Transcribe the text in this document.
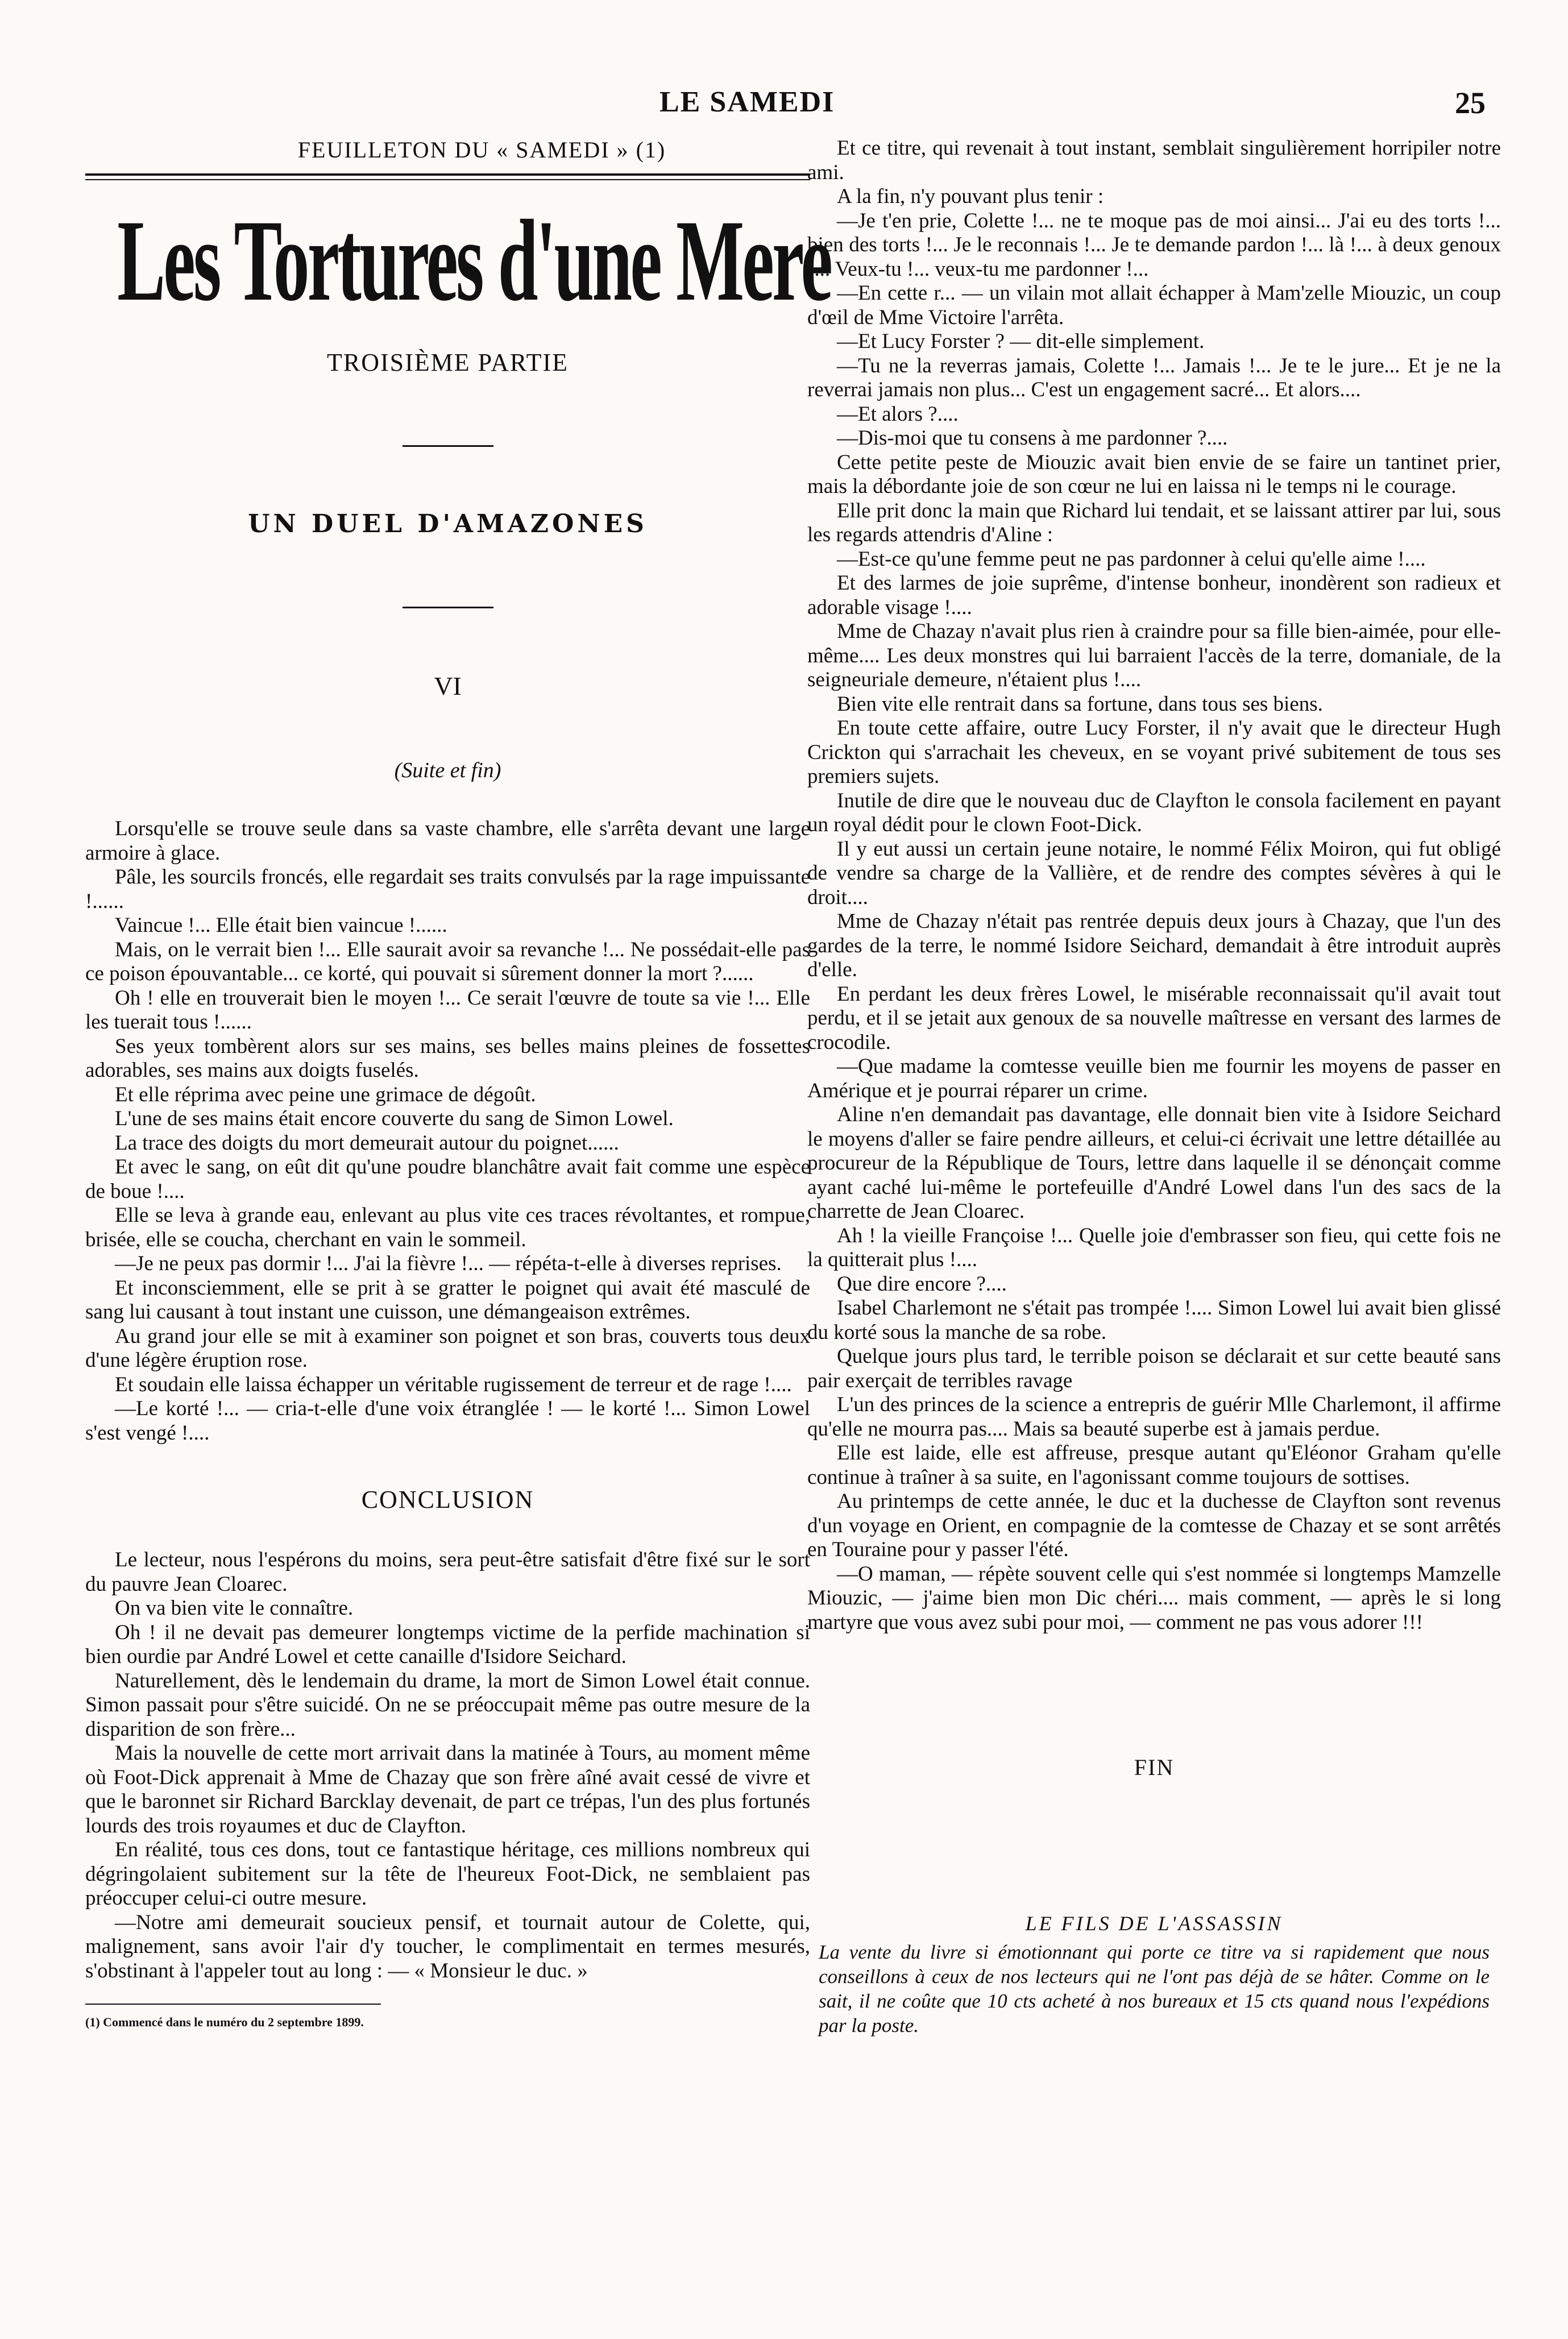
LE SAMEDI	25
FEUILLETON DU « SAMEDI » (1)
Les Tortures d'une Mere
TROISIÈME PARTIE
UN DUEL D'AMAZONES
VI
(Suite et fin)

Lorsqu'elle se trouve seule dans sa vaste chambre, elle s'arrêta devant une large armoire à glace.

Pâle, les sourcils froncés, elle regardait ses traits convulsés par la rage impuissante !......

Vaincue !... Elle était bien vaincue !......

Mais, on le verrait bien !... Elle saurait avoir sa revanche !... Ne possédait-elle pas ce poison épouvantable... ce korté, qui pouvait si sûrement donner la mort ?......

Oh ! elle en trouverait bien le moyen !... Ce serait l'œuvre de toute sa vie !... Elle les tuerait tous !......

Ses yeux tombèrent alors sur ses mains, ses belles mains pleines de fossettes adorables, ses mains aux doigts fuselés.

Et elle réprima avec peine une grimace de dégoût.

L'une de ses mains était encore couverte du sang de Simon Lowel.

La trace des doigts du mort demeurait autour du poignet......

Et avec le sang, on eût dit qu'une poudre blanchâtre avait fait comme une espèce de boue !....

Elle se leva à grande eau, enlevant au plus vite ces traces révoltantes, et rompue, brisée, elle se coucha, cherchant en vain le sommeil.

—Je ne peux pas dormir !... J'ai la fièvre !... — répéta-t-elle à diverses reprises.

Et inconsciemment, elle se prit à se gratter le poignet qui avait été masculé de sang lui causant à tout instant une cuisson, une démangeaison extrêmes.

Au grand jour elle se mit à examiner son poignet et son bras, couverts tous deux d'une légère éruption rose.

Et soudain elle laissa échapper un véritable rugissement de terreur et de rage !....

—Le korté !... — cria-t-elle d'une voix étranglée ! — le korté !... Simon Lowel s'est vengé !....

CONCLUSION

Le lecteur, nous l'espérons du moins, sera peut-être satisfait d'être fixé sur le sort du pauvre Jean Cloarec.

On va bien vite le connaître.

Oh ! il ne devait pas demeurer longtemps victime de la perfide machination si bien ourdie par André Lowel et cette canaille d'Isidore Seichard.

Naturellement, dès le lendemain du drame, la mort de Simon Lowel était connue. Simon passait pour s'être suicidé. On ne se préoccupait même pas outre mesure de la disparition de son frère...

Mais la nouvelle de cette mort arrivait dans la matinée à Tours, au moment même où Foot-Dick apprenait à Mme de Chazay que son frère aîné avait cessé de vivre et que le baronnet sir Richard Barcklay devenait, de part ce trépas, l'un des plus fortunés lourds des trois royaumes et duc de Clayfton.

En réalité, tous ces dons, tout ce fantastique héritage, ces millions nombreux qui dégringolaient subitement sur la tête de l'heureux Foot-Dick, ne semblaient pas préoccuper celui-ci outre mesure.

—Notre ami demeurait soucieux pensif, et tournait autour de Colette, qui, malignement, sans avoir l'air d'y toucher, le complimentait en termes mesurés, s'obstinant à l'appeler tout au long : — « Monsieur le duc. »

(1) Commencé dans le numéro du 2 septembre 1899.

Et ce titre, qui revenait à tout instant, semblait singulièrement horripiler notre ami.

A la fin, n'y pouvant plus tenir :

—Je t'en prie, Colette !... ne te moque pas de moi ainsi... J'ai eu des torts !... bien des torts !... Je le reconnais !... Je te demande pardon !... là !... à deux genoux !... Veux-tu !... veux-tu me pardonner !...

—En cette r... — un vilain mot allait échapper à Mam'zelle Miouzic, un coup d'œil de Mme Victoire l'arrêta.

—Et Lucy Forster ? — dit-elle simplement.

—Tu ne la reverras jamais, Colette !... Jamais !... Je te le jure... Et je ne la reverrai jamais non plus... C'est un engagement sacré... Et alors....

—Et alors ?....

—Dis-moi que tu consens à me pardonner ?....

Cette petite peste de Miouzic avait bien envie de se faire un tantinet prier, mais la débordante joie de son cœur ne lui en laissa ni le temps ni le courage.

Elle prit donc la main que Richard lui tendait, et se laissant attirer par lui, sous les regards attendris d'Aline :

—Est-ce qu'une femme peut ne pas pardonner à celui qu'elle aime !....

Et des larmes de joie suprême, d'intense bonheur, inondèrent son radieux et adorable visage !....

Mme de Chazay n'avait plus rien à craindre pour sa fille bien-aimée, pour elle-même.... Les deux monstres qui lui barraient l'accès de la terre, domaniale, de la seigneuriale demeure, n'étaient plus !....

Bien vite elle rentrait dans sa fortune, dans tous ses biens.

En toute cette affaire, outre Lucy Forster, il n'y avait que le directeur Hugh Crickton qui s'arrachait les cheveux, en se voyant privé subitement de tous ses premiers sujets.

Inutile de dire que le nouveau duc de Clayfton le consola facilement en payant un royal dédit pour le clown Foot-Dick.

Il y eut aussi un certain jeune notaire, le nommé Félix Moiron, qui fut obligé de vendre sa charge de la Vallière, et de rendre des comptes sévères à qui le droit....

Mme de Chazay n'était pas rentrée depuis deux jours à Chazay, que l'un des gardes de la terre, le nommé Isidore Seichard, demandait à être introduit auprès d'elle.

En perdant les deux frères Lowel, le misérable reconnaissait qu'il avait tout perdu, et il se jetait aux genoux de sa nouvelle maîtresse en versant des larmes de crocodile.

—Que madame la comtesse veuille bien me fournir les moyens de passer en Amérique et je pourrai réparer un crime.

Aline n'en demandait pas davantage, elle donnait bien vite à Isidore Seichard le moyens d'aller se faire pendre ailleurs, et celui-ci écrivait une lettre détaillée au procureur de la République de Tours, lettre dans laquelle il se dénonçait comme ayant caché lui-même le portefeuille d'André Lowel dans l'un des sacs de la charrette de Jean Cloarec.

Ah ! la vieille Françoise !... Quelle joie d'embrasser son fieu, qui cette fois ne la quitterait plus !....

Que dire encore ?....

Isabel Charlemont ne s'était pas trompée !.... Simon Lowel lui avait bien glissé du korté sous la manche de sa robe.

Quelque jours plus tard, le terrible poison se déclarait et sur cette beauté sans pair exerçait de terribles ravage

L'un des princes de la science a entrepris de guérir Mlle Charlemont, il affirme qu'elle ne mourra pas.... Mais sa beauté superbe est à jamais perdue.

Elle est laide, elle est affreuse, presque autant qu'Eléonor Graham qu'elle continue à traîner à sa suite, en l'agonissant comme toujours de sottises.

Au printemps de cette année, le duc et la duchesse de Clayfton sont revenus d'un voyage en Orient, en compagnie de la comtesse de Chazay et se sont arrêtés en Touraine pour y passer l'été.

—O maman, — répète souvent celle qui s'est nommée si longtemps Mamzelle Miouzic, — j'aime bien mon Dic chéri.... mais comment, — après le si long martyre que vous avez subi pour moi, — comment ne pas vous adorer !!!

FIN
LE FILS DE L'ASSASSIN

La vente du livre si émotionnant qui porte ce titre va si rapidement que nous conseillons à ceux de nos lecteurs qui ne l'ont pas déjà de se hâter. Comme on le sait, il ne coûte que 10 cts acheté à nos bureaux et 15 cts quand nous l'expédions par la poste.
